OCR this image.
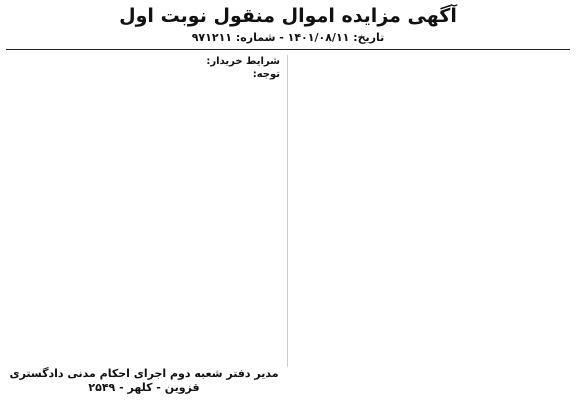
آگهی مزایده اموال منقول نوبت اول
تاریخ: ۱۴۰۱/۰۸/۱۱ - شماره: ۹۷۱۲۱۱

شرایط خریدار:

توجه:

مدیر دفتر شعبه دوم اجرای احکام مدنی دادگستری قزوین - کلهر - ۲۵۴۹
